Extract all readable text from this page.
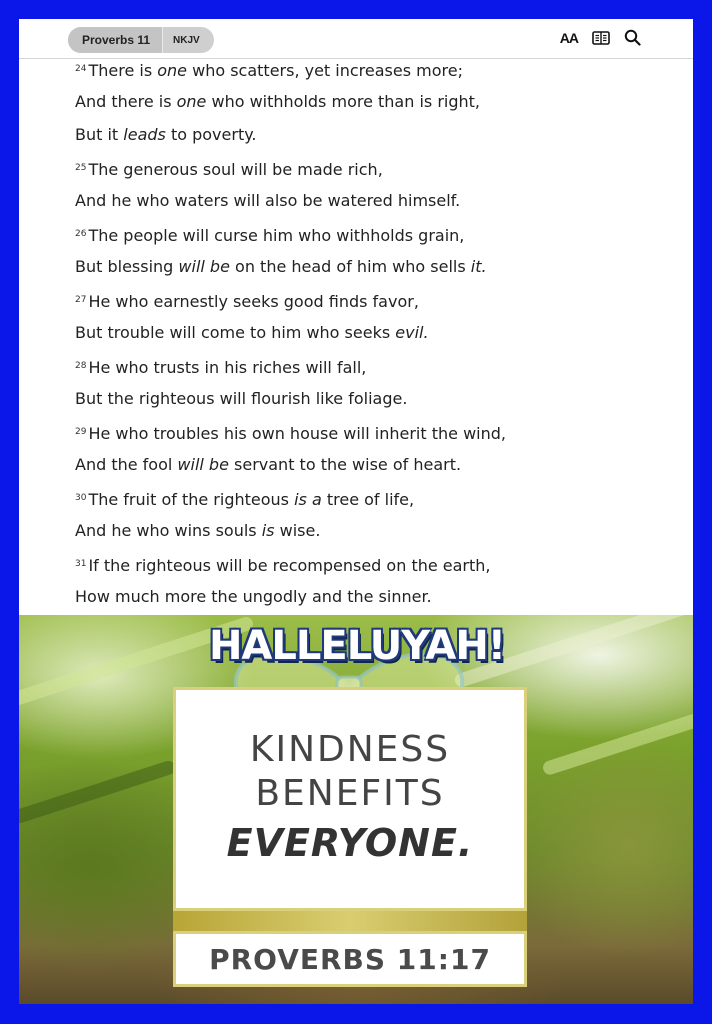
Proverbs 11	NKJV	AA
$^{24}$ There is one who scatters, yet increases more;
And there is one who withholds more than is right,
But it leads to poverty.
$^{25}$ The generous soul will be made rich,
And he who waters will also be watered himself.
$^{26}$ The people will curse him who withholds grain,
But blessing will be on the head of him who sells it.
$^{27}$ He who earnestly seeks good finds favor,
But trouble will come to him who seeks evil.
$^{28}$ He who trusts in his riches will fall,
But the righteous will flourish like foliage.
$^{29}$ He who troubles his own house will inherit the wind,
And the fool will be servant to the wise of heart.
$^{30}$ The fruit of the righteous is a tree of life,
And he who wins souls is wise.
$^{31}$ If the righteous will be recompensed on the earth,
How much more the ungodly and the sinner.
HALLELUYAH!
KINDNESS
BENEFITS
EVERYONE.
PROVERBS 11:17
